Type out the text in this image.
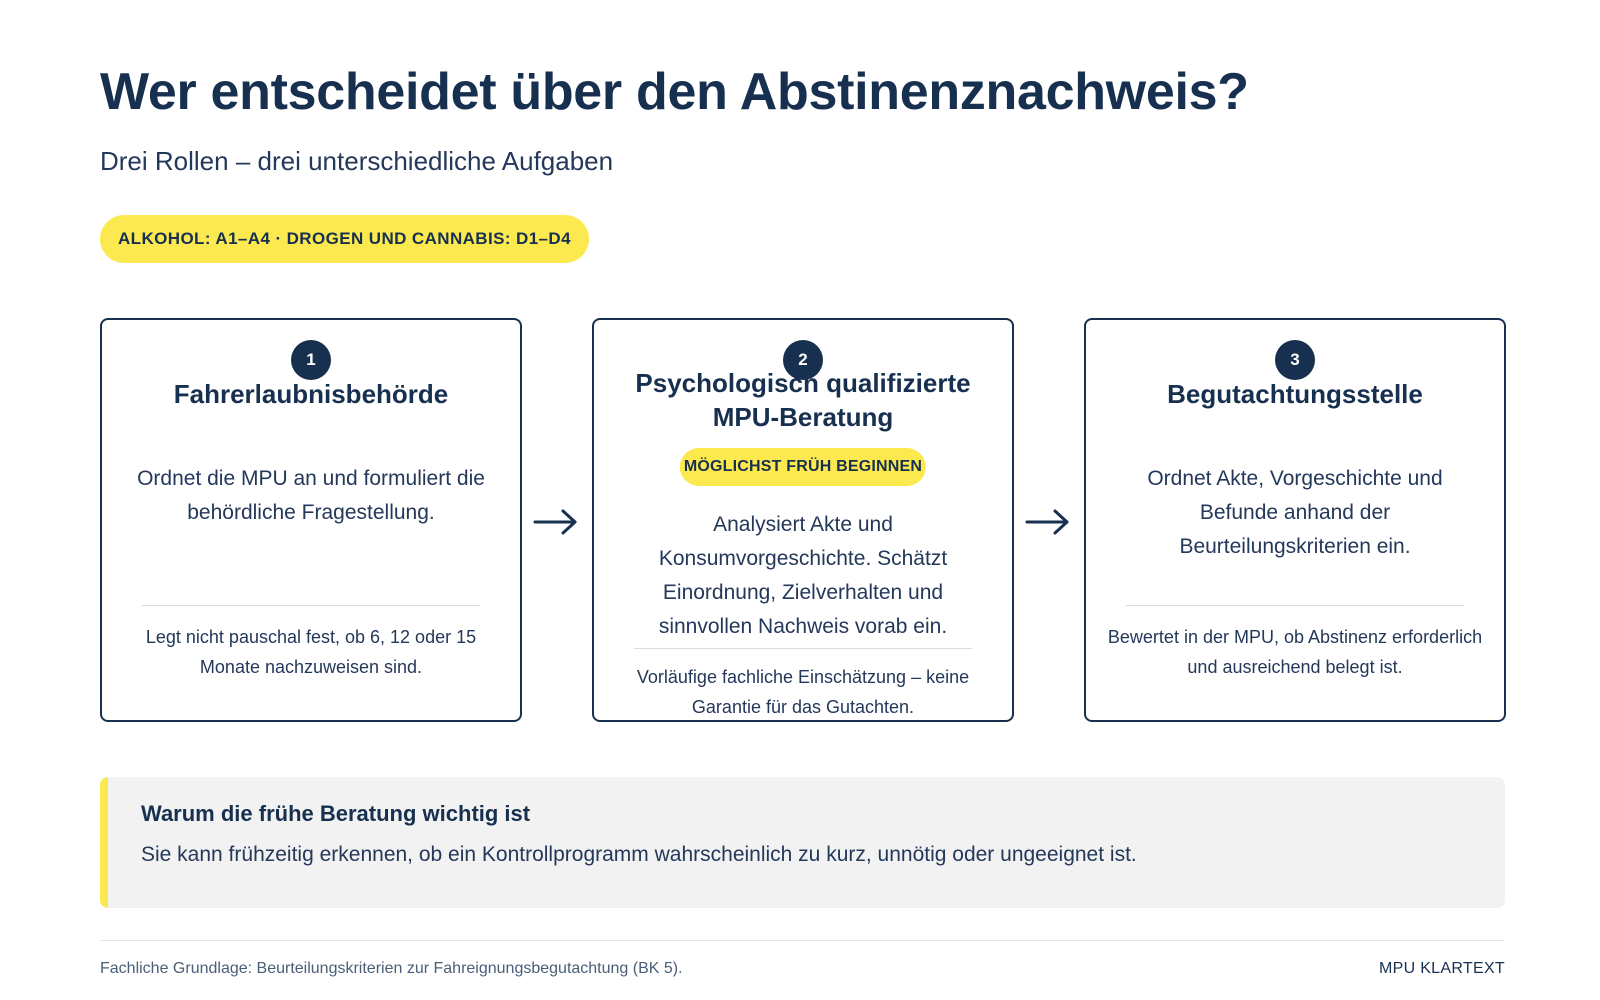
Wer entscheidet über den Abstinenznachweis?
Drei Rollen – drei unterschiedliche Aufgaben
ALKOHOL: A1–A4 · DROGEN UND CANNABIS: D1–D4
1
Fahrerlaubnisbehörde
Ordnet die MPU an und formuliert die behördliche Fragestellung.
Legt nicht pauschal fest, ob 6, 12 oder 15 Monate nachzuweisen sind.
2
Psychologisch qualifizierte MPU-Beratung
MÖGLICHST FRÜH BEGINNEN
Analysiert Akte und Konsumvorgeschichte. Schätzt Einordnung, Zielverhalten und sinnvollen Nachweis vorab ein.
Vorläufige fachliche Einschätzung – keine Garantie für das Gutachten.
3
Begutachtungsstelle
Ordnet Akte, Vorgeschichte und Befunde anhand der Beurteilungskriterien ein.
Bewertet in der MPU, ob Abstinenz erforderlich und ausreichend belegt ist.
Warum die frühe Beratung wichtig ist
Sie kann frühzeitig erkennen, ob ein Kontrollprogramm wahrscheinlich zu kurz, unnötig oder ungeeignet ist.
Fachliche Grundlage: Beurteilungskriterien zur Fahreignungsbegutachtung (BK 5).	MPU KLARTEXT
